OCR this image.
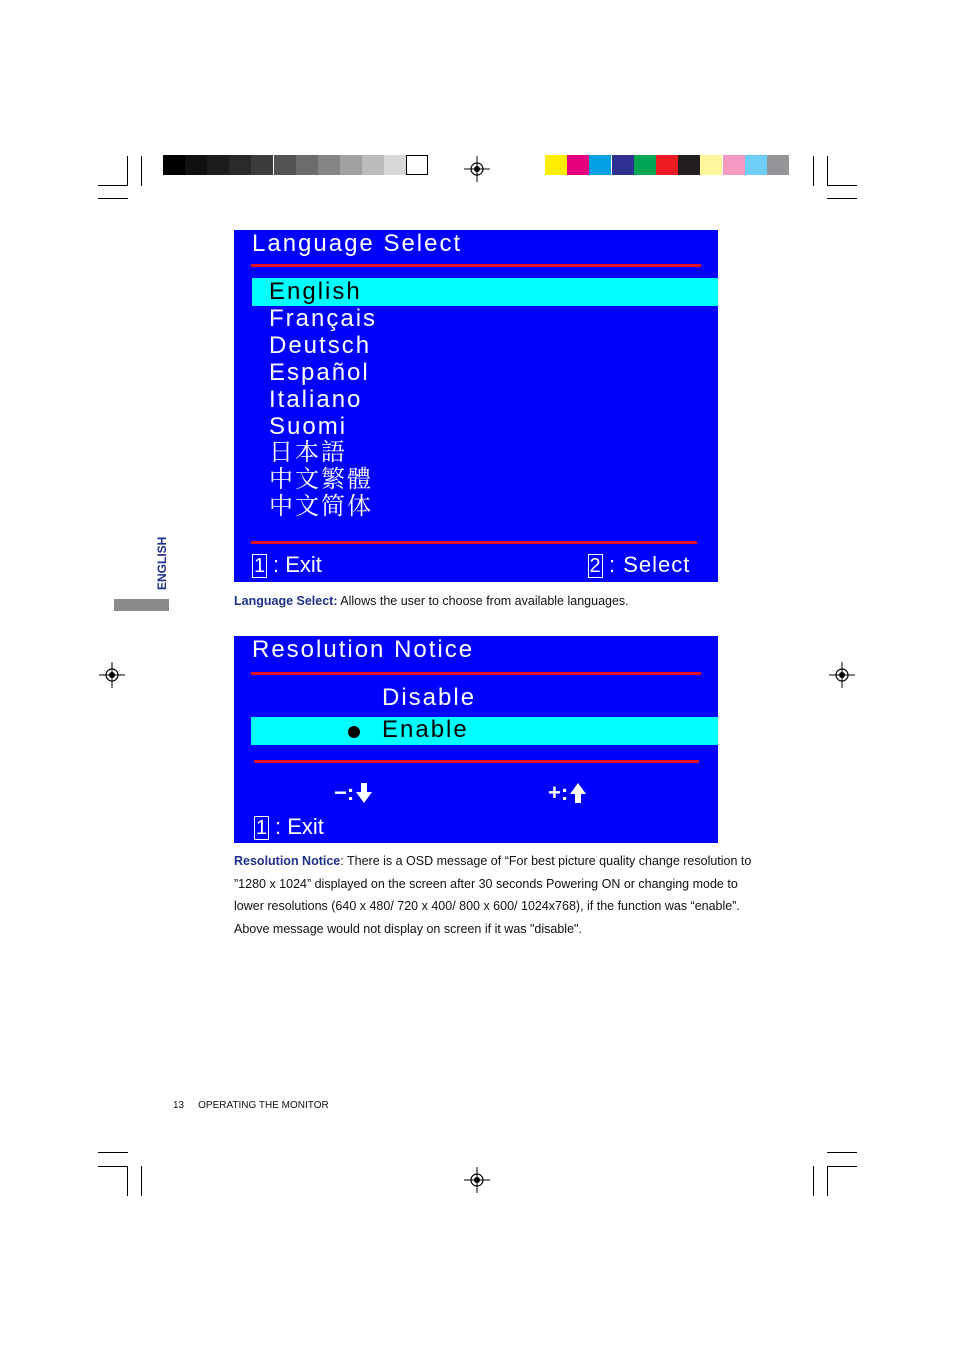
ENGLISH
Language Select
English
Français
Deutsch
Español
Italiano
Suomi
日本語
中文繁體
中文简体
1 : Exit	2 : Select
Language Select: Allows the user to choose from available languages.
Resolution Notice
Disable
Enable
−:	+:
1 : Exit
Resolution Notice: There is a OSD message of “For best picture quality change resolution to ”1280 x 1024” displayed on the screen after 30 seconds Powering ON or changing mode to lower resolutions (640 x 480/ 720 x 400/ 800 x 600/ 1024x768), if the function was “enable”. Above message would not display on screen if it was "disable".
13 OPERATING THE MONITOR
